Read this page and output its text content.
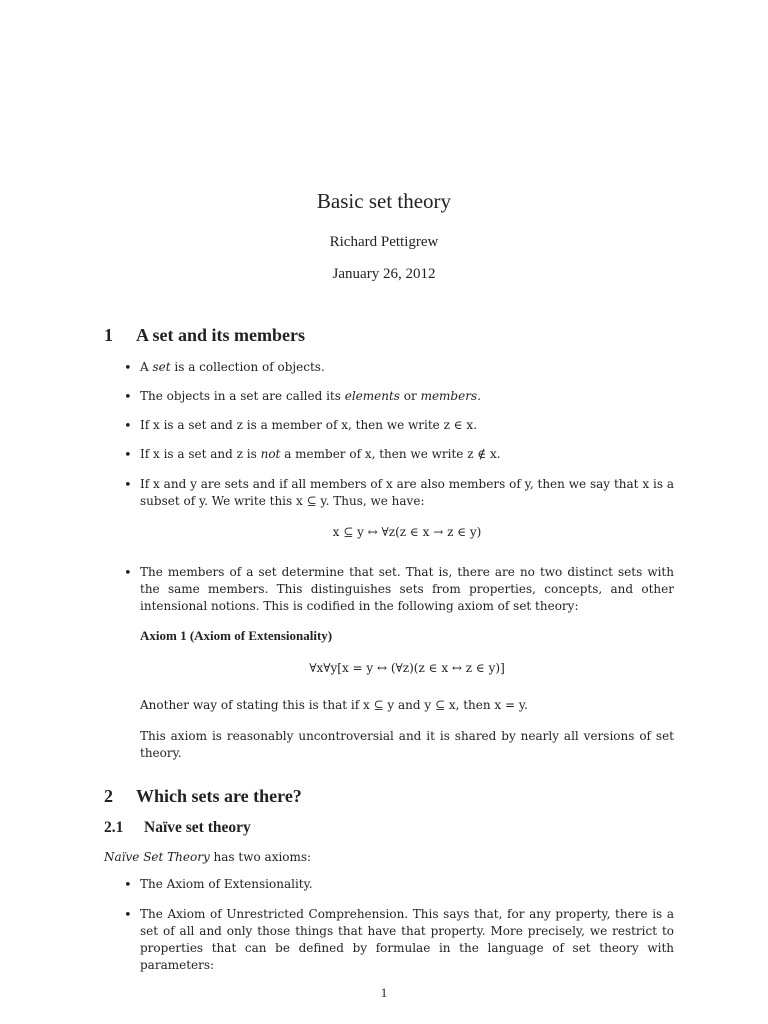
Basic set theory
Richard Pettigrew
January 26, 2012
1 A set and its members
• A set is a collection of objects.
• The objects in a set are called its elements or members.
• If x is a set and z is a member of x, then we write z ∈ x.
• If x is a set and z is not a member of x, then we write z ∉ x.
• If x and y are sets and if all members of x are also members of y, then we say that x is a subset of y. We write this x ⊆ y. Thus, we have:
x ⊆ y ↔ ∀z(z ∈ x → z ∈ y)
• The members of a set determine that set. That is, there are no two distinct sets with the same members. This distinguishes sets from properties, concepts, and other intensional notions. This is codified in the following axiom of set theory:
Axiom 1 (Axiom of Extensionality)
∀x∀y[x = y ↔ (∀z)(z ∈ x ↔ z ∈ y)]
Another way of stating this is that if x ⊆ y and y ⊆ x, then x = y.
This axiom is reasonably uncontroversial and it is shared by nearly all versions of set theory.
2 Which sets are there?
2.1 Naïve set theory
Naïve Set Theory has two axioms:
• The Axiom of Extensionality.
• The Axiom of Unrestricted Comprehension. This says that, for any property, there is a set of all and only those things that have that property. More precisely, we restrict to properties that can be defined by formulae in the language of set theory with parameters:
1
